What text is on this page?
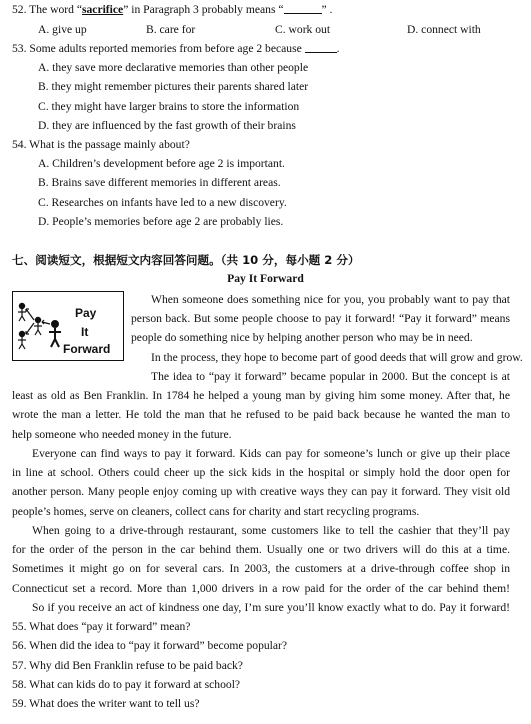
52. The word “sacrifice” in Paragraph 3 probably means “	” .
A. give up	B. care for	C. work out	D. connect with
53. Some adults reported memories from before age 2 because	.
A. they save more declarative memories than other people
B. they might remember pictures their parents shared later
C. they might have larger brains to store the information
D. they are influenced by the fast growth of their brains
54. What is the passage mainly about?
A. Children’s development before age 2 is important.
B. Brains save different memories in different areas.
C. Researches on infants have led to a new discovery.
D. People’s memories before age 2 are probably lies.
七、阅读短文，根据短文内容回答问题。（共 10 分，每小题 2 分）
Pay It Forward
Pay
It
Forward
When someone does something nice for you, you probably want to pay that
person back. But some people choose to pay it forward! “Pay it forward” means
people do something nice by helping another person who may be in need.
In the process, they hope to become part of good deeds that will grow and grow.
The idea to “pay it forward” became popular in 2000. But the concept is at
least as old as Ben Franklin. In 1784 he helped a young man by giving him some money. After that, he
wrote the man a letter. He told the man that he refused to be paid back because he wanted the man to
help someone who needed money in the future.
Everyone can find ways to pay it forward. Kids can pay for someone’s lunch or give up their place
in line at school. Others could cheer up the sick kids in the hospital or simply hold the door open for
another person. Many people enjoy coming up with creative ways they can pay it forward. They visit old
people’s homes, serve on cleaners, collect cans for charity and start recycling programs.
When going to a drive-through restaurant, some customers like to tell the cashier that they’ll pay
for the order of the person in the car behind them. Usually one or two drivers will do this at a time.
Sometimes it might go on for several cars. In 2003, the customers at a drive-through coffee shop in
Connecticut set a record. More than 1,000 drivers in a row paid for the order of the car behind them!
So if you receive an act of kindness one day, I’m sure you’ll know exactly what to do. Pay it forward!
55. What does “pay it forward” mean?
56. When did the idea to “pay it forward” become popular?
57. Why did Ben Franklin refuse to be paid back?
58. What can kids do to pay it forward at school?
59. What does the writer want to tell us?
